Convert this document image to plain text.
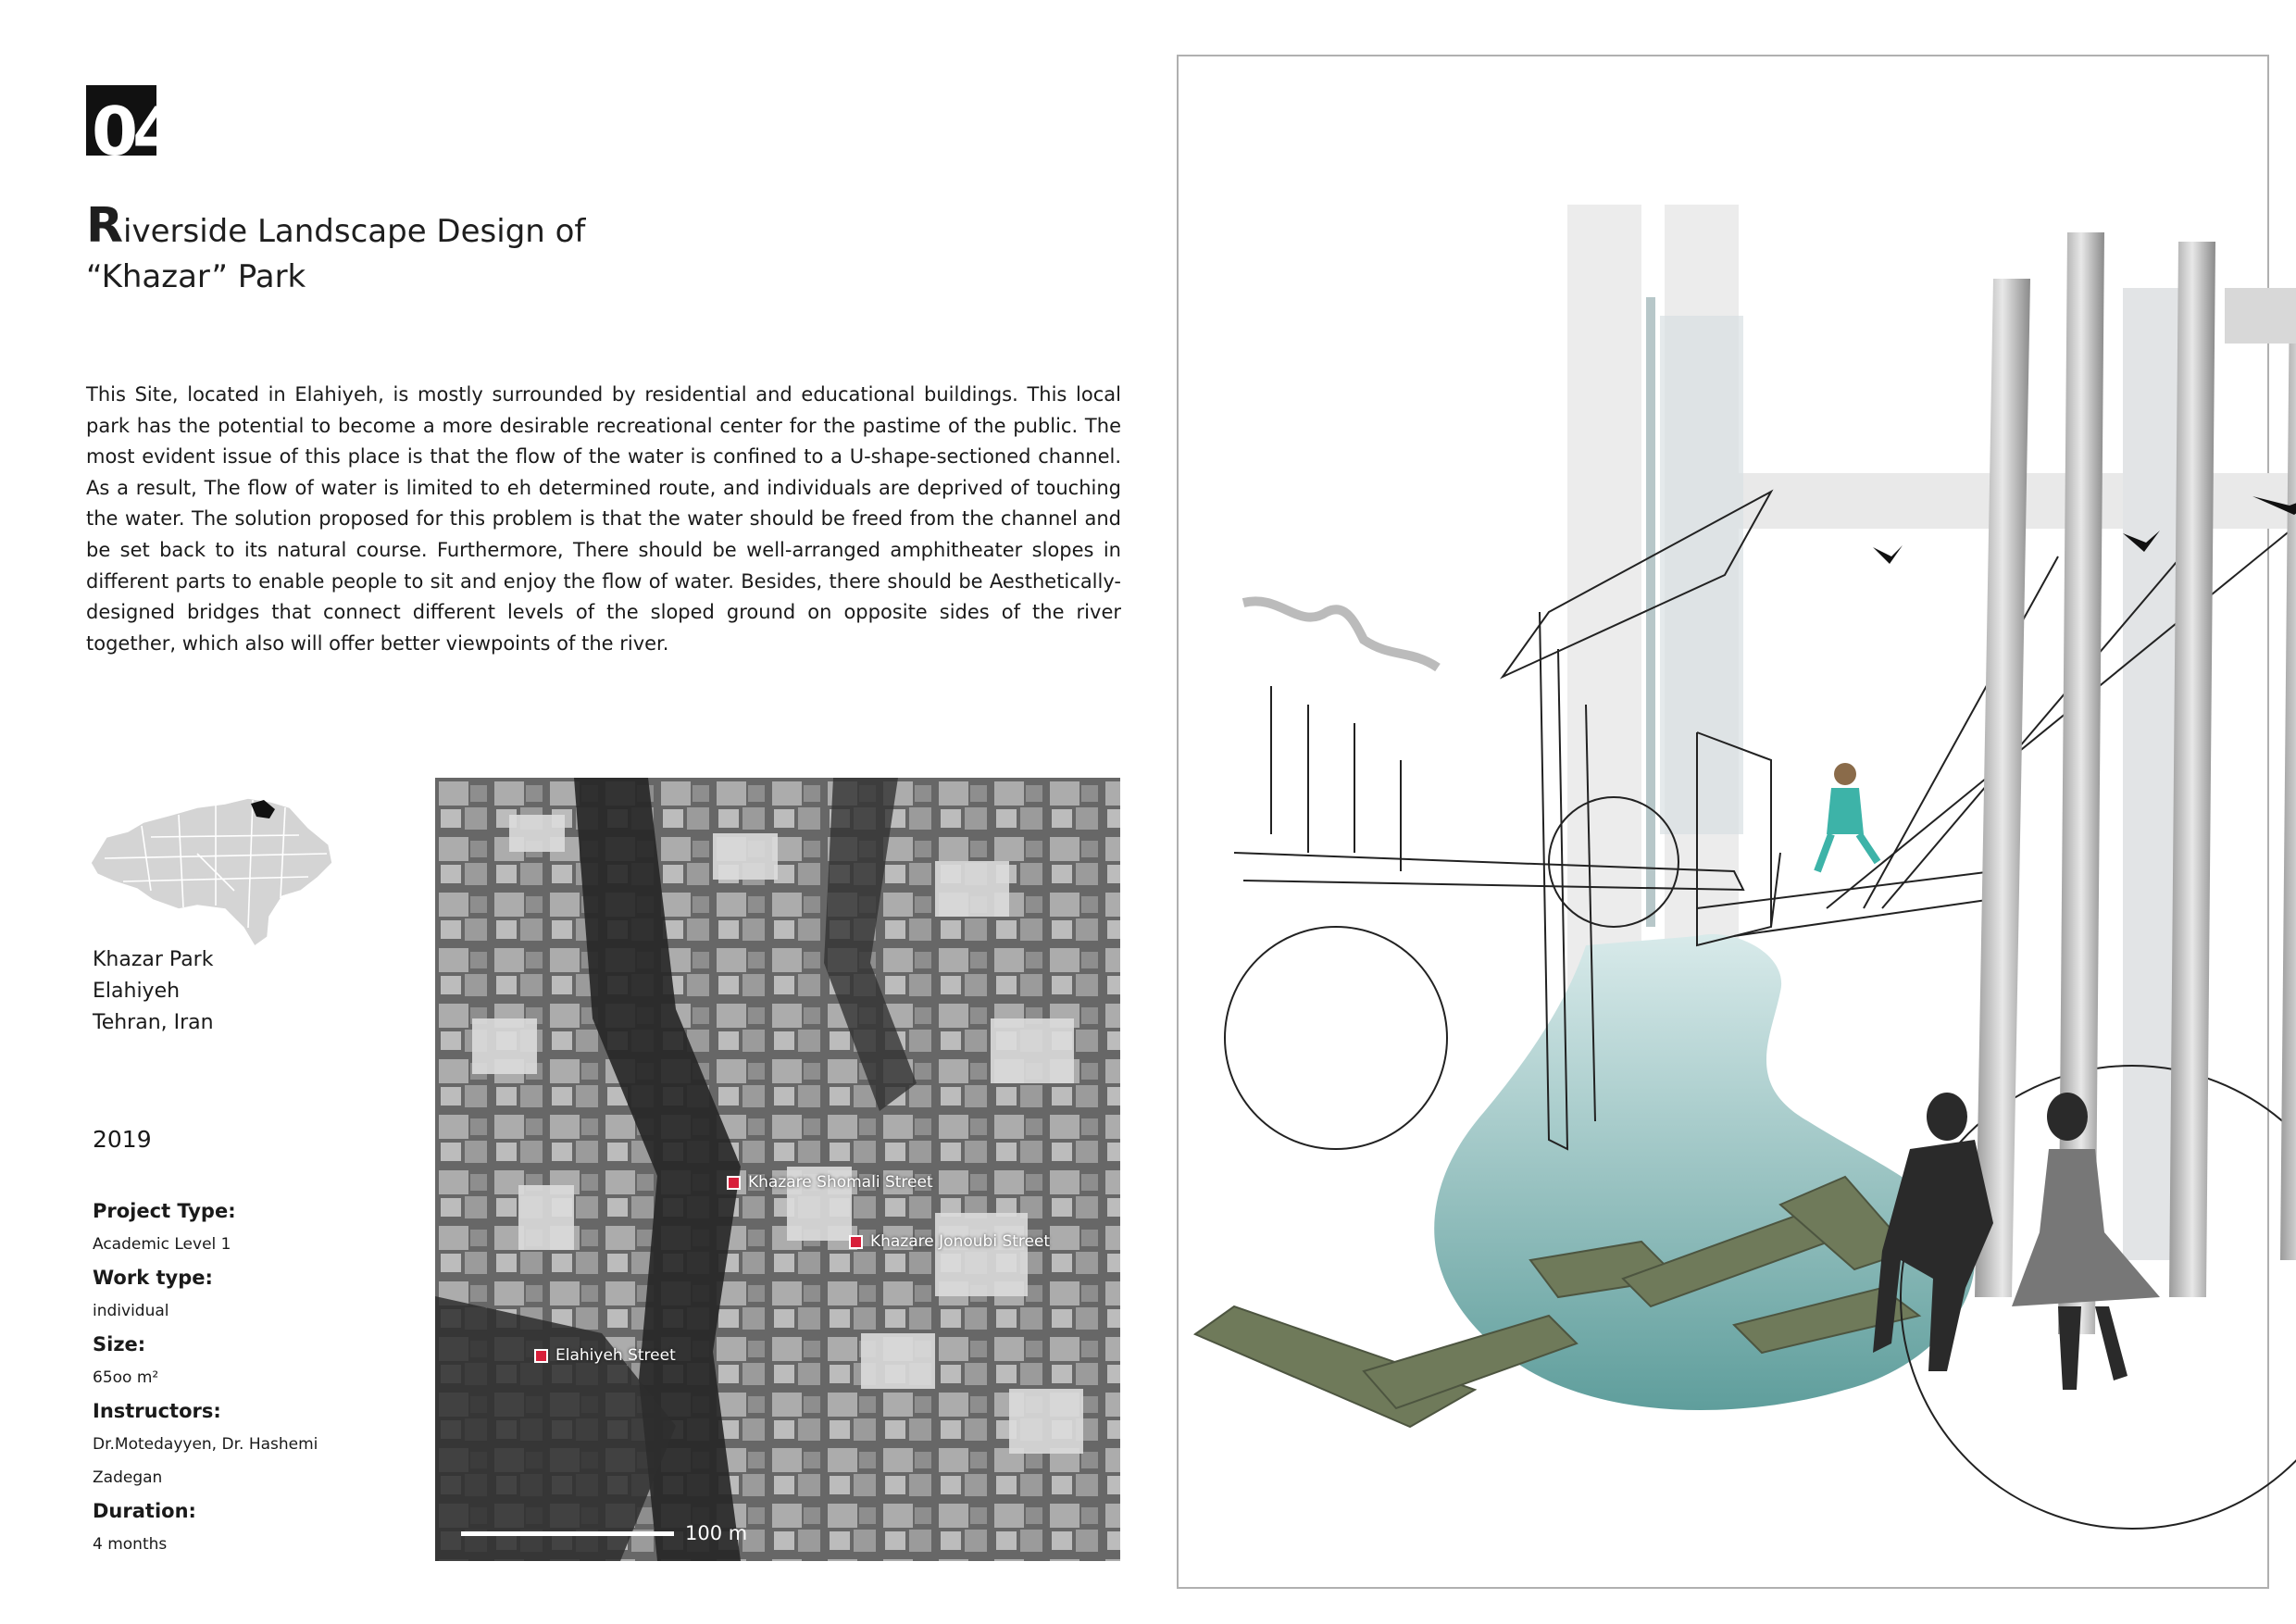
04
Riverside Landscape Design of
“Khazar” Park
This Site, located in Elahiyeh, is mostly surrounded by residential and educational buildings. This local park has the potential to become a more desirable recreational center for the pastime of the public. The most evident issue of this place is that the flow of the water is confined to a U-shape-sectioned channel. As a result, The flow of water is limited to eh determined route, and individuals are deprived of touching the water. The solution proposed for this problem is that the water should be freed from the channel and be set back to its natural course. Furthermore, There should be well-arranged amphitheater slopes in different parts to enable people to sit and enjoy the flow of water. Besides, there should be Aesthetically-designed bridges that connect different levels of the sloped ground on opposite sides of the river together, which also will offer better viewpoints of the river.
Khazar Park
Elahiyeh
Tehran, Iran
2019
Project Type:
Academic Level 1
Work type:
individual
Size:
65oo m²
Instructors:
Dr.Motedayyen, Dr. Hashemi
Zadegan
Duration:
4 months
Khazare Shomali Street
Khazare Jonoubi Street
Elahiyeh Street
100 m
